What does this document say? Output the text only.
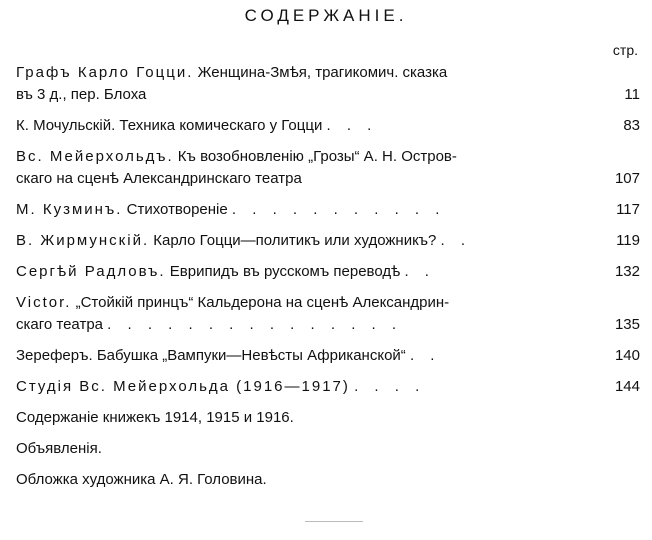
СОДЕРЖАНІЕ.
стр.
Графъ Карло Гоцци. Женщина-Змѣя, трагикомич. сказка
въ 3 д., пер. Блоха	11
К. Мочульскій. Техника комическаго у Гоцци . . .	83
Вс. Мейерхольдъ. Къ возобновленію „Грозы“ А. Н. Остров-
скаго на сценѣ Александринскаго театра	107
М. Кузминъ. Стихотвореніе . . . . . . . . . . .	117
В. Жирмунскій. Карло Гоцци—политикъ или художникъ? . .	119
Сергѣй Радловъ. Еврипидъ въ русскомъ переводѣ . .	132
Victor. „Стойкій принцъ“ Кальдерона на сценѣ Александрин-
скаго театра . . . . . . . . . . . . . . .	135
Зереферъ. Бабушка „Вампуки—Невѣсты Африканской“ . .	140
Студія Вс. Мейерхольда (1916—1917) . . . .	144
Содержаніе книжекъ 1914, 1915 и 1916.
Объявленія.
Обложка художника А. Я. Головина.
